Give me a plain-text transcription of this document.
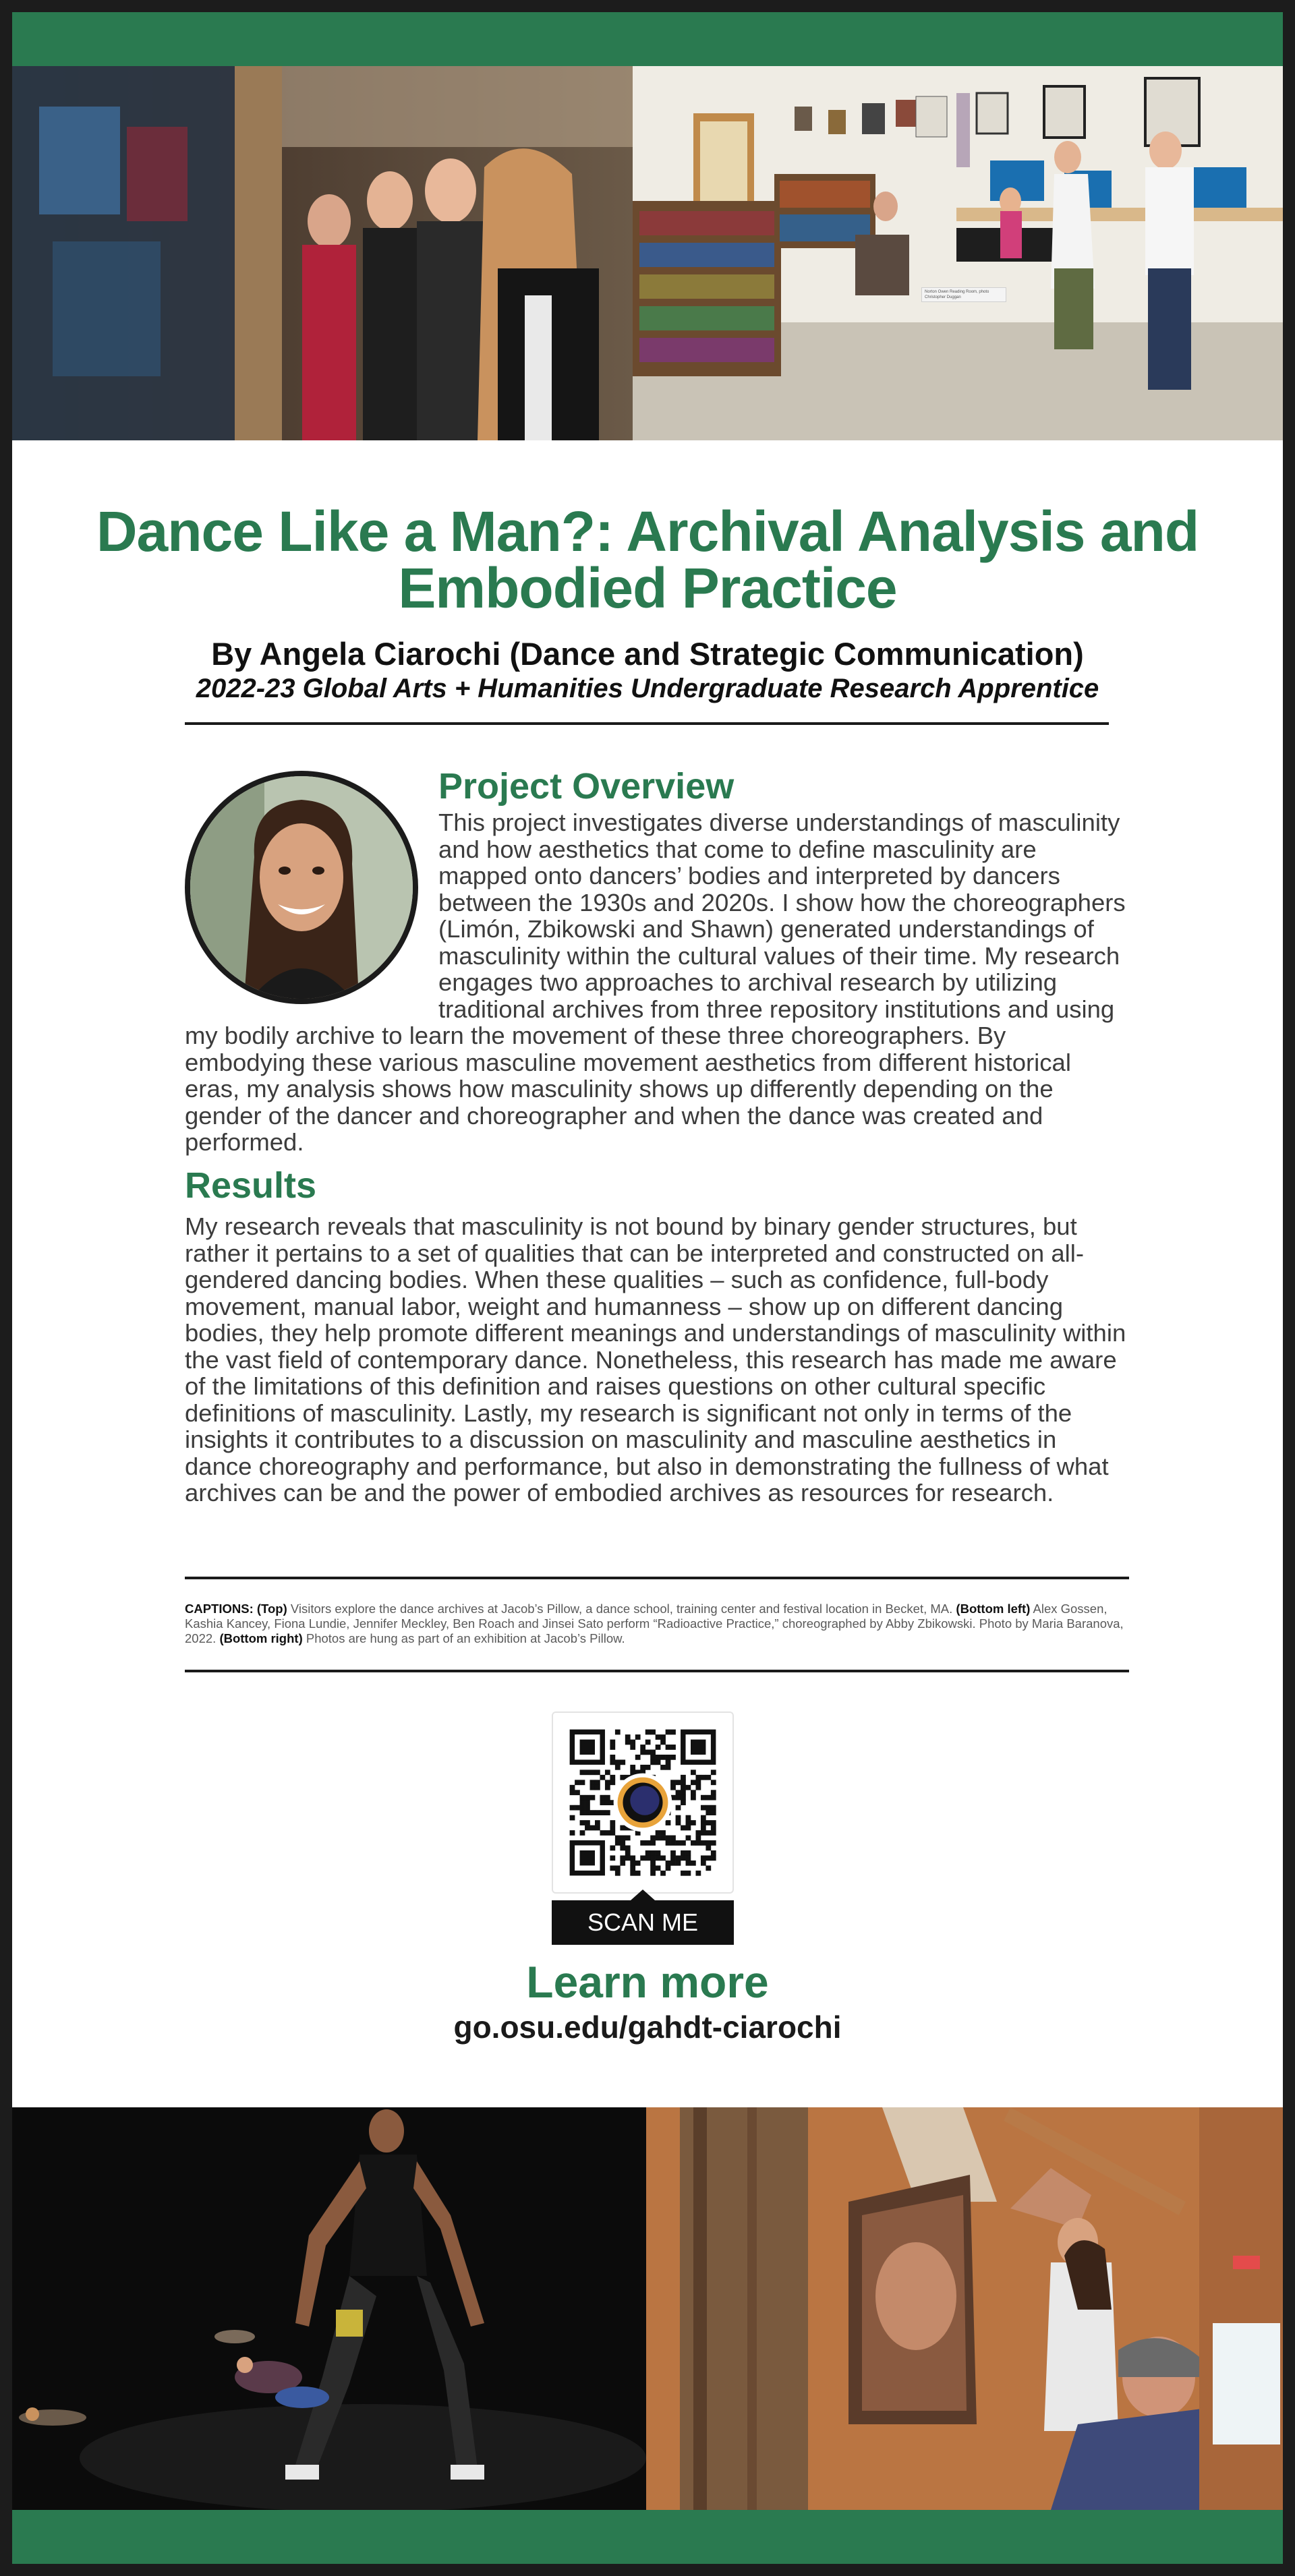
Norton Owen Reading Room, photo Christopher Duggan
Dance Like a Man?: Archival Analysis and Embodied Practice
By Angela Ciarochi (Dance and Strategic Communication)
2022-23 Global Arts + Humanities Undergraduate Research Apprentice
Project Overview

This project investigates diverse understandings of masculinity and how aesthetics that come to define masculinity are mapped onto dancers’ bodies and interpreted by dancers between the 1930s and 2020s. I show how the choreographers (Limón, Zbikowski and Shawn) generated understandings of masculinity within the cultural values of their time. My research engages two approaches to archival research by utilizing traditional archives from three repository institutions and using my bodily archive to learn the movement of these three choreographers. By embodying these various masculine movement aesthetics from different historical eras, my analysis shows how masculinity shows up differently depending on the gender of the dancer and choreographer and when the dance was created and performed.

Results

My research reveals that masculinity is not bound by binary gender structures, but rather it pertains to a set of qualities that can be interpreted and constructed on all-gendered dancing bodies. When these qualities – such as confidence, full-body movement, manual labor, weight and humanness – show up on different dancing bodies, they help promote different meanings and understandings of masculinity within the vast field of contemporary dance. Nonetheless, this research has made me aware of the limitations of this definition and raises questions on other cultural specific definitions of masculinity. Lastly, my research is significant not only in terms of the insights it contributes to a discussion on masculinity and masculine aesthetics in dance choreography and performance, but also in demonstrating the fullness of what archives can be and the power of embodied archives as resources for research.

CAPTIONS: (Top) Visitors explore the dance archives at Jacob’s Pillow, a dance school, training center and festival location in Becket, MA. (Bottom left) Alex Gossen, Kashia Kancey, Fiona Lundie, Jennifer Meckley, Ben Roach and Jinsei Sato perform “Radioactive Practice,” choreographed by Abby Zbikowski. Photo by Maria Baranova, 2022. (Bottom right) Photos are hung as part of an exhibition at Jacob’s Pillow.
SCAN ME
Learn more
go.osu.edu/gahdt-ciarochi
